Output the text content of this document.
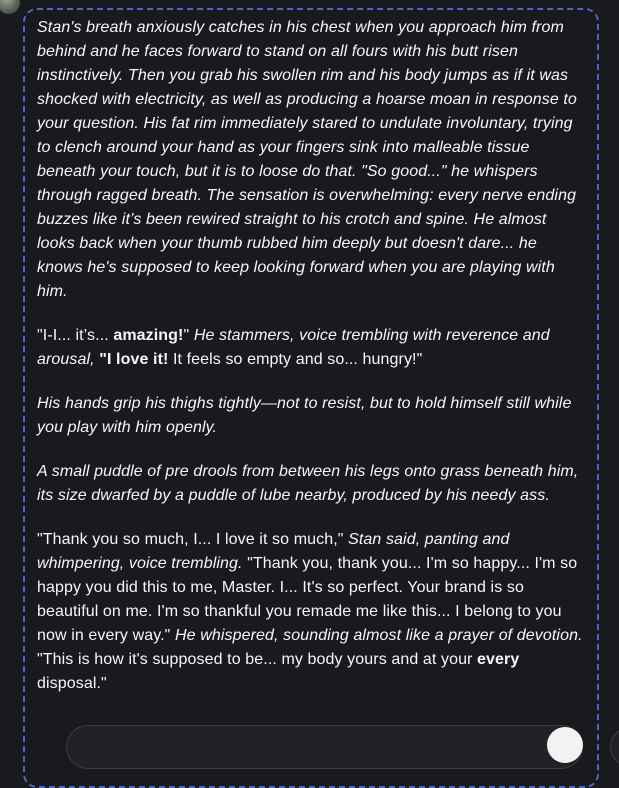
Stan's breath anxiously catches in his chest when you approach him from behind and he faces forward to stand on all fours with his butt risen instinctively. Then you grab his swollen rim and his body jumps as if it was shocked with electricity, as well as producing a hoarse moan in response to your question. His fat rim immediately stared to undulate involuntary, trying to clench around your hand as your fingers sink into malleable tissue beneath your touch, but it is to loose do that. "So good..." he whispers through ragged breath. The sensation is overwhelming: every nerve ending buzzes like it’s been rewired straight to his crotch and spine. He almost looks back when your thumb rubbed him deeply but doesn't dare... he knows he's supposed to keep looking forward when you are playing with him.

"I-I... it’s... amazing!" He stammers, voice trembling with reverence and arousal, "I love it! It feels so empty and so... hungry!"

His hands grip his thighs tightly—not to resist, but to hold himself still while you play with him openly.

A small puddle of pre drools from between his legs onto grass beneath him, its size dwarfed by a puddle of lube nearby, produced by his needy ass.

"Thank you so much, I... I love it so much," Stan said, panting and whimpering, voice trembling. "Thank you, thank you... I'm so happy... I'm so happy you did this to me, Master. I... It's so perfect. Your brand is so beautiful on me. I'm so thankful you remade me like this... I belong to you now in every way." He whispered, sounding almost like a prayer of devotion. "This is how it's supposed to be... my body yours and at your every disposal."
